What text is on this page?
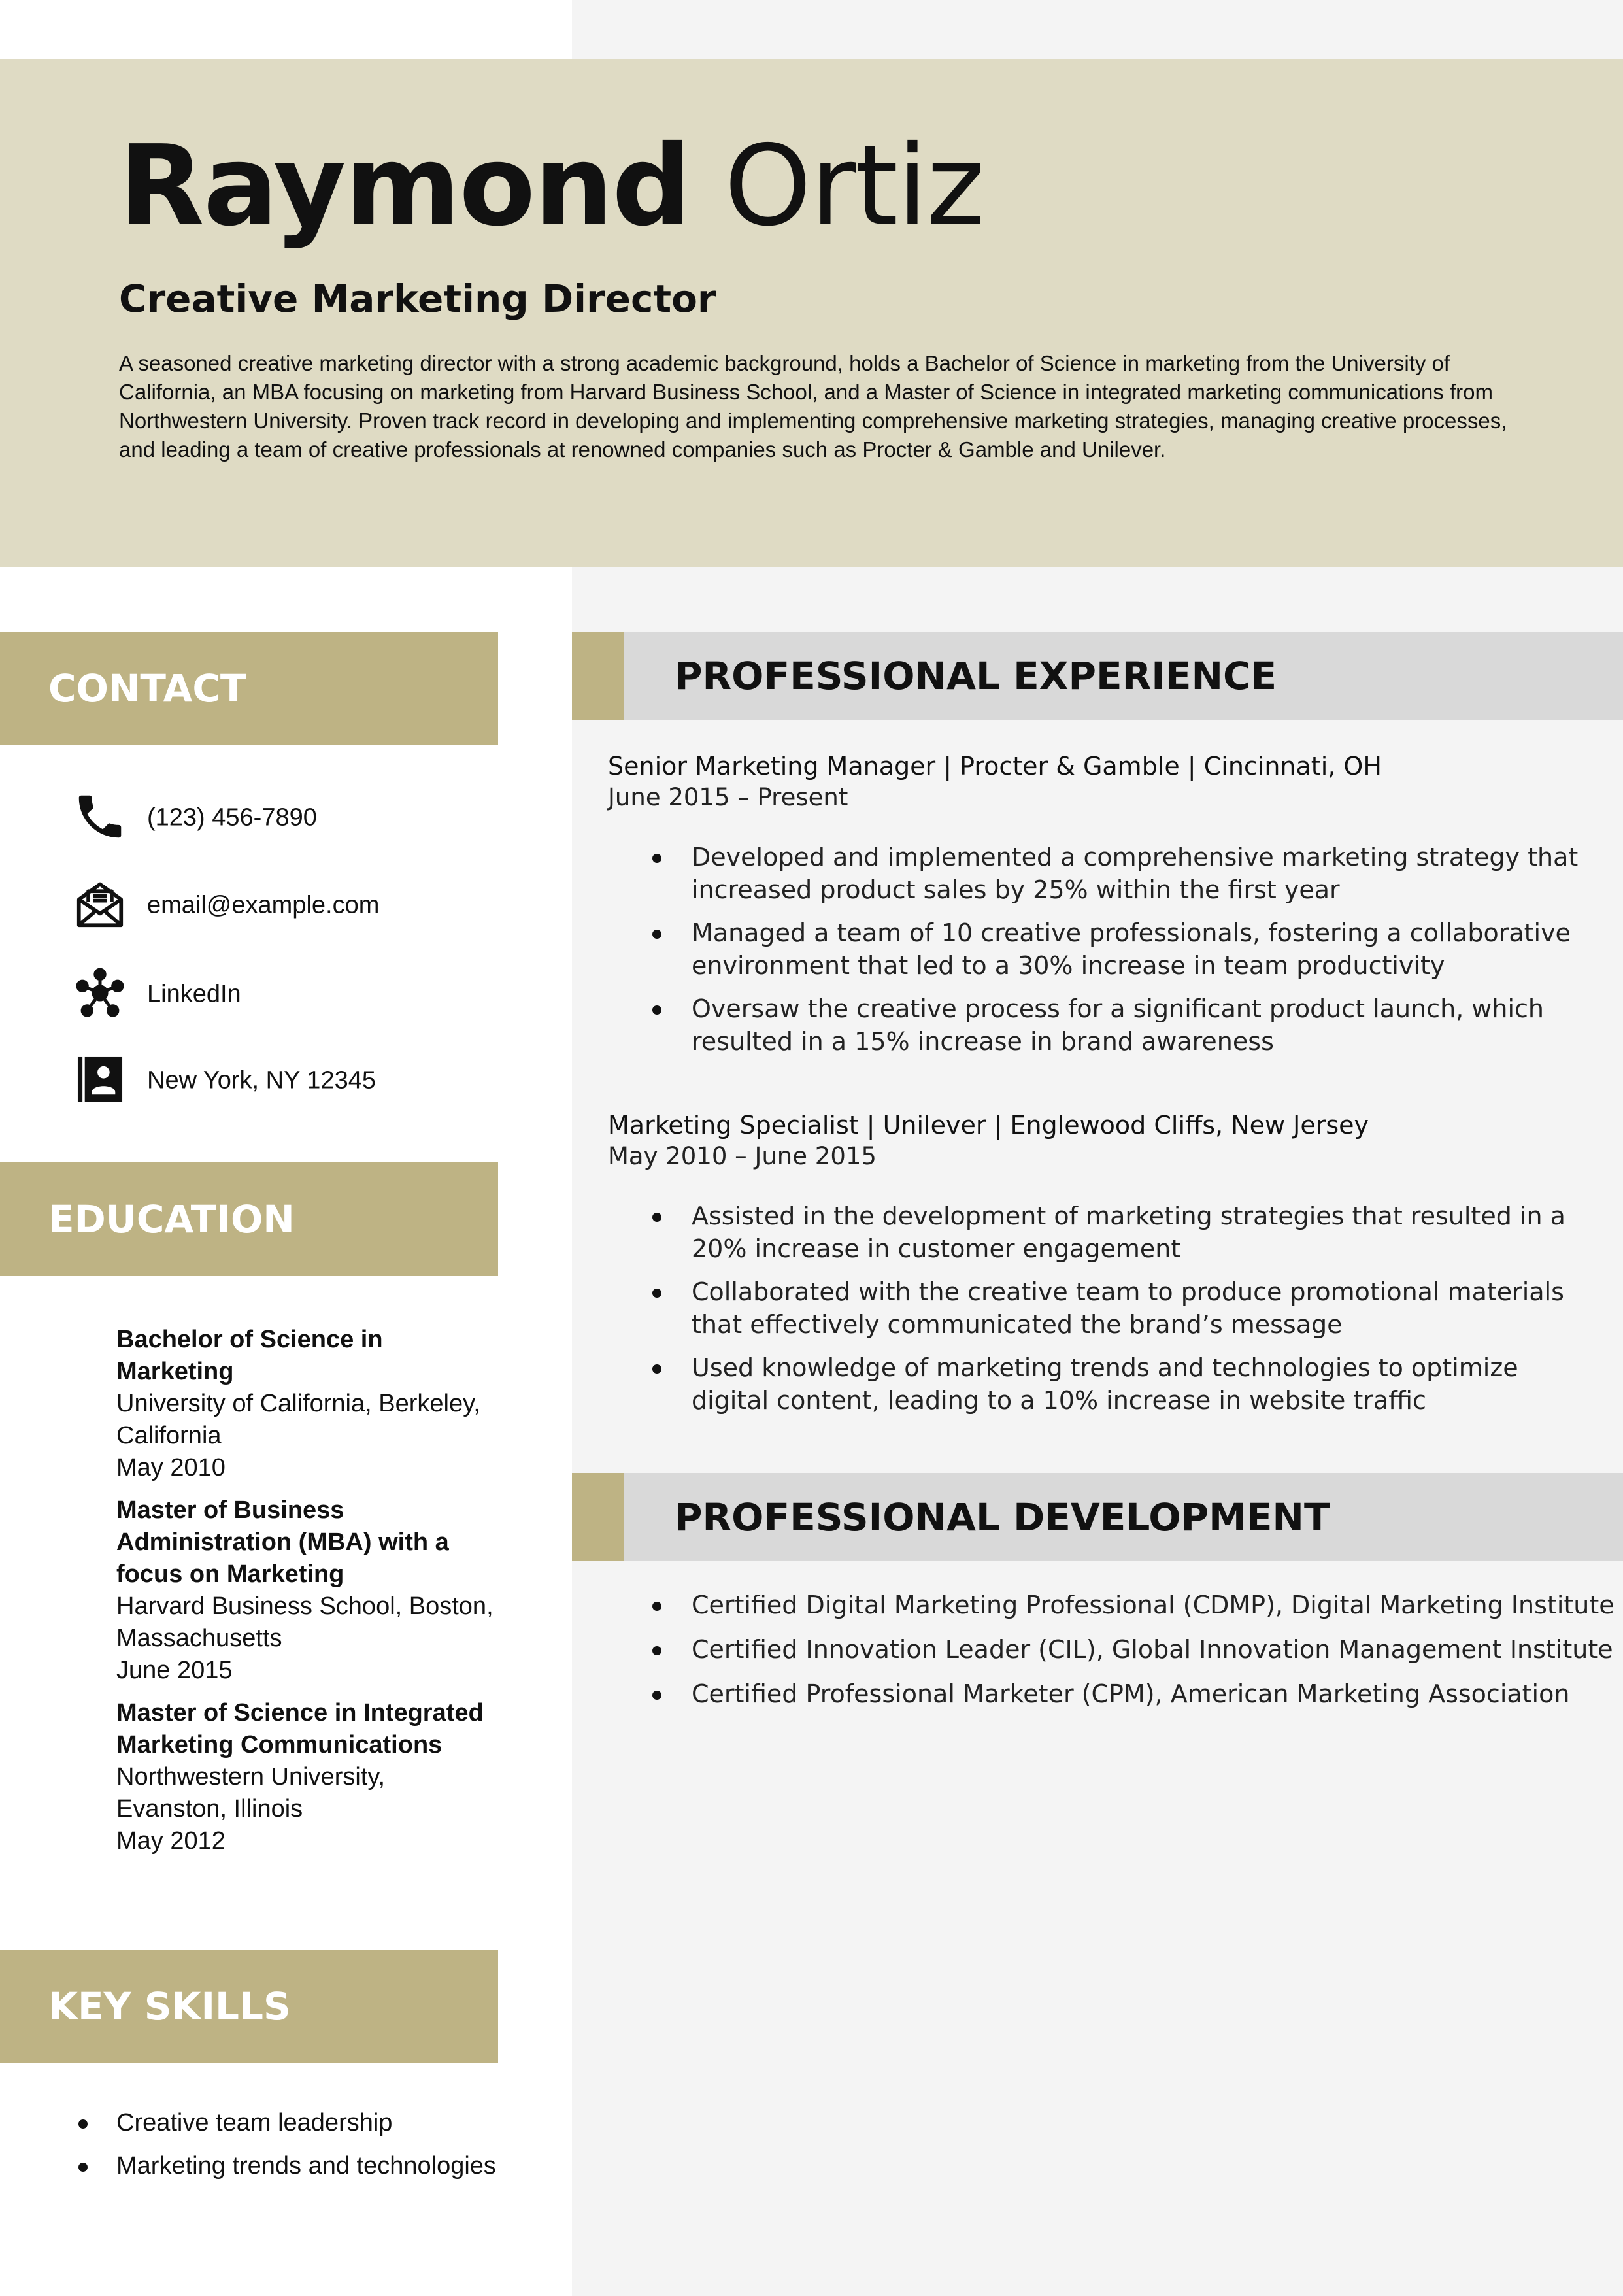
Raymond Ortiz
Creative Marketing Director
A seasoned creative marketing director with a strong academic background, holds a Bachelor of Science in marketing from the University of California, an MBA focusing on marketing from Harvard Business School, and a Master of Science in integrated marketing communications from Northwestern University. Proven track record in developing and implementing comprehensive marketing strategies, managing creative processes, and leading a team of creative professionals at renowned companies such as Procter & Gamble and Unilever.
CONTACT
(123) 456-7890
email@example.com
LinkedIn
New York, NY 12345
EDUCATION
Bachelor of Science in Marketing
University of California, Berkeley, California
May 2010
Master of Business Administration (MBA) with a focus on Marketing
Harvard Business School, Boston, Massachusetts
June 2015
Master of Science in Integrated Marketing Communications
Northwestern University, Evanston, Illinois
May 2012
KEY SKILLS
Creative team leadership
Marketing trends and technologies
PROFESSIONAL EXPERIENCE
Senior Marketing Manager | Procter & Gamble | Cincinnati, OH
June 2015 – Present
Developed and implemented a comprehensive marketing strategy that increased product sales by 25% within the first year
Managed a team of 10 creative professionals, fostering a collaborative environment that led to a 30% increase in team productivity
Oversaw the creative process for a significant product launch, which resulted in a 15% increase in brand awareness
Marketing Specialist | Unilever | Englewood Cliffs, New Jersey
May 2010 – June 2015
Assisted in the development of marketing strategies that resulted in a 20% increase in customer engagement
Collaborated with the creative team to produce promotional materials that effectively communicated the brand’s message
Used knowledge of marketing trends and technologies to optimize digital content, leading to a 10% increase in website traffic
PROFESSIONAL DEVELOPMENT
Certified Digital Marketing Professional (CDMP), Digital Marketing Institute
Certified Innovation Leader (CIL), Global Innovation Management Institute
Certified Professional Marketer (CPM), American Marketing Association
